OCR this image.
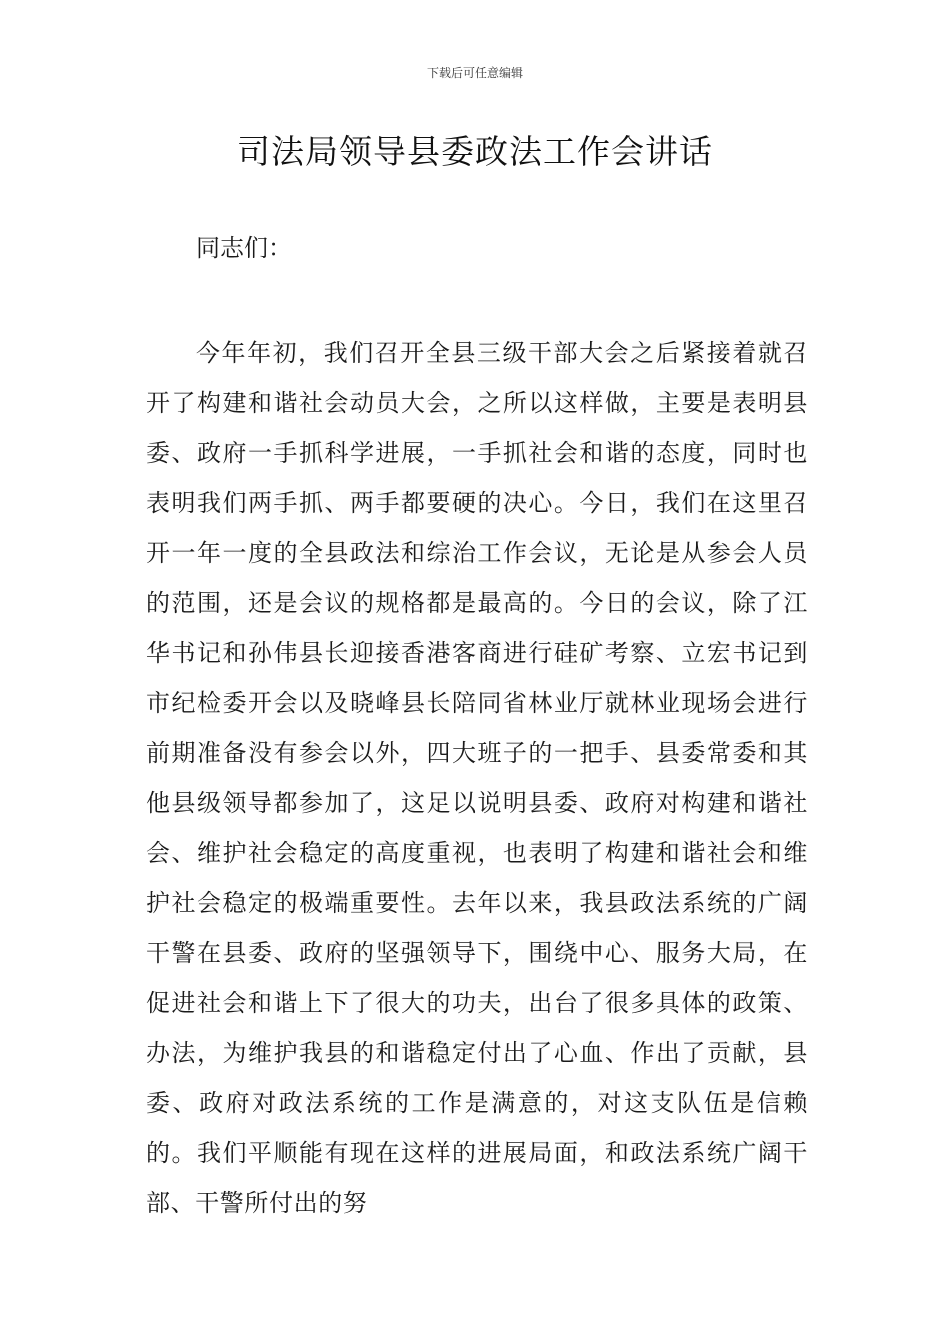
下载后可任意编辑
司法局领导县委政法工作会讲话

同志们：

今年年初，我们召开全县三级干部大会之后紧接着就召开了构建和谐社会动员大会，之所以这样做，主要是表明县委、政府一手抓科学进展，一手抓社会和谐的态度，同时也表明我们两手抓、两手都要硬的决心。今日，我们在这里召开一年一度的全县政法和综治工作会议，无论是从参会人员的范围，还是会议的规格都是最高的。今日的会议，除了江华书记和孙伟县长迎接香港客商进行硅矿考察、立宏书记到市纪检委开会以及晓峰县长陪同省林业厅就林业现场会进行前期准备没有参会以外，四大班子的一把手、县委常委和其他县级领导都参加了，这足以说明县委、政府对构建和谐社会、维护社会稳定的高度重视，也表明了构建和谐社会和维护社会稳定的极端重要性。去年以来，我县政法系统的广阔干警在县委、政府的坚强领导下，围绕中心、服务大局，在促进社会和谐上下了很大的功夫，出台了很多具体的政策、办法，为维护我县的和谐稳定付出了心血、作出了贡献，县委、政府对政法系统的工作是满意的，对这支队伍是信赖的。我们平顺能有现在这样的进展局面，和政法系统广阔干部、干警所付出的努
